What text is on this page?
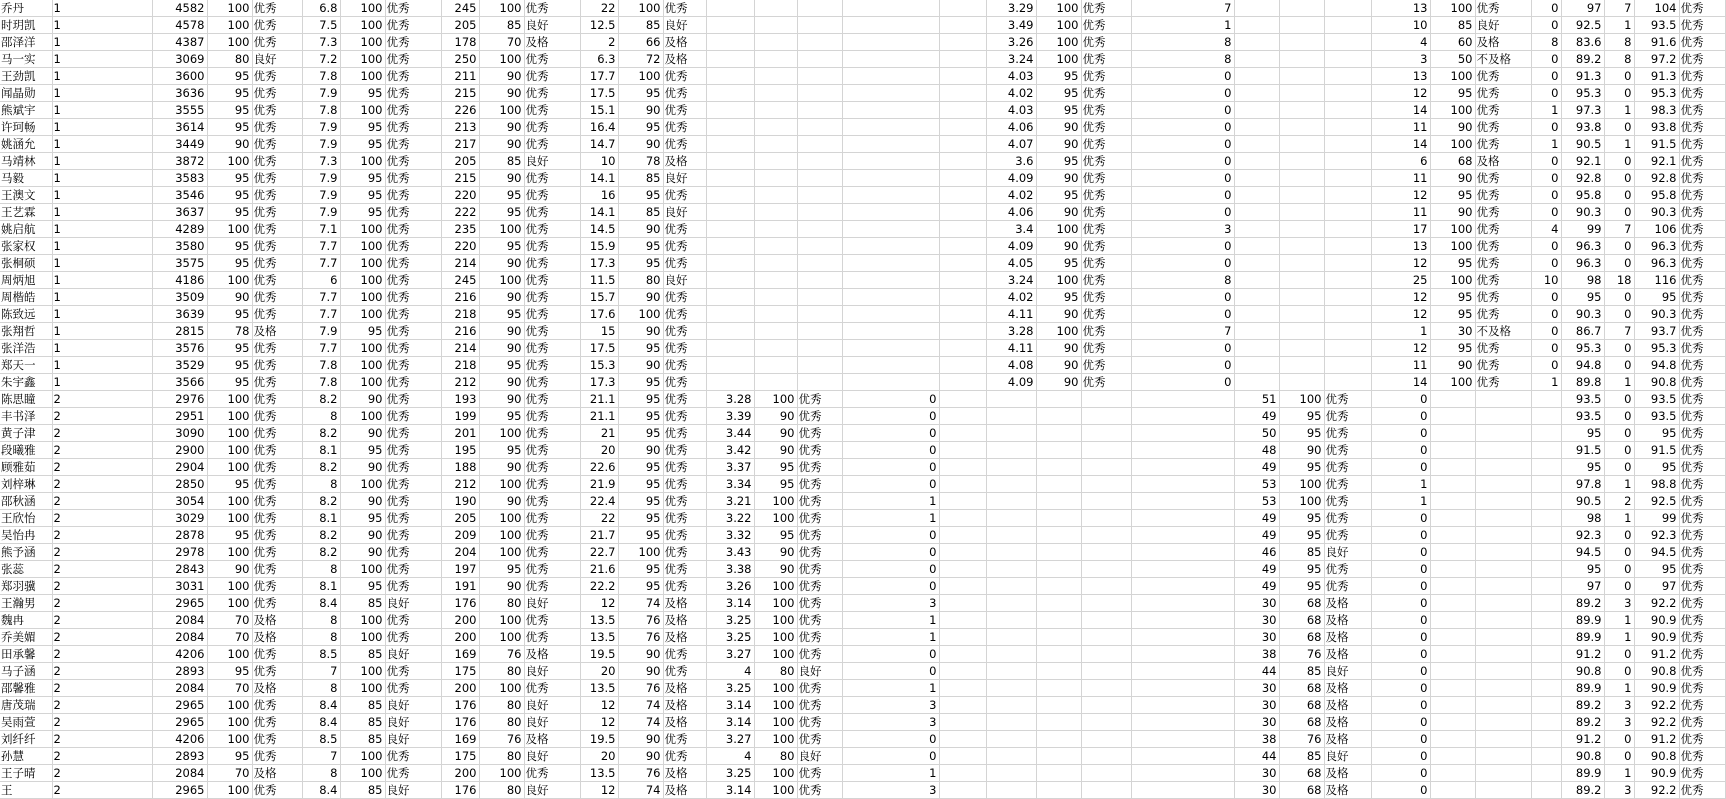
乔丹	1	4582	100	优秀	6.8	100	优秀	245	100	优秀	22	100	优秀						3.29	100	优秀	7				13	100	优秀	0	97	7	104	优秀
时玥凯	1	4578	100	优秀	7.5	100	优秀	205	85	良好	12.5	85	良好						3.49	100	优秀	1				10	85	良好	0	92.5	1	93.5	优秀
邵泽洋	1	4387	100	优秀	7.3	100	优秀	178	70	及格	2	66	及格						3.26	100	优秀	8				4	60	及格	8	83.6	8	91.6	优秀
马一实	1	3069	80	良好	7.2	100	优秀	250	100	优秀	6.3	72	及格						3.24	100	优秀	8				3	50	不及格	0	89.2	8	97.2	优秀
王劲凯	1	3600	95	优秀	7.8	100	优秀	211	90	优秀	17.7	100	优秀						4.03	95	优秀	0				13	100	优秀	0	91.3	0	91.3	优秀
闻晶勋	1	3636	95	优秀	7.9	95	优秀	215	90	优秀	17.5	95	优秀						4.02	95	优秀	0				12	95	优秀	0	95.3	0	95.3	优秀
熊斌宇	1	3555	95	优秀	7.8	100	优秀	226	100	优秀	15.1	90	优秀						4.03	95	优秀	0				14	100	优秀	1	97.3	1	98.3	优秀
许珂畅	1	3614	95	优秀	7.9	95	优秀	213	90	优秀	16.4	95	优秀						4.06	90	优秀	0				11	90	优秀	0	93.8	0	93.8	优秀
姚涵允	1	3449	90	优秀	7.9	95	优秀	217	90	优秀	14.7	90	优秀						4.07	90	优秀	0				14	100	优秀	1	90.5	1	91.5	优秀
马靖林	1	3872	100	优秀	7.3	100	优秀	205	85	良好	10	78	及格						3.6	95	优秀	0				6	68	及格	0	92.1	0	92.1	优秀
马毅	1	3583	95	优秀	7.9	95	优秀	215	90	优秀	14.1	85	良好						4.09	90	优秀	0				11	90	优秀	0	92.8	0	92.8	优秀
王澳文	1	3546	95	优秀	7.9	95	优秀	220	95	优秀	16	95	优秀						4.02	95	优秀	0				12	95	优秀	0	95.8	0	95.8	优秀
王艺霖	1	3637	95	优秀	7.9	95	优秀	222	95	优秀	14.1	85	良好						4.06	90	优秀	0				11	90	优秀	0	90.3	0	90.3	优秀
姚启航	1	4289	100	优秀	7.1	100	优秀	235	100	优秀	14.5	90	优秀						3.4	100	优秀	3				17	100	优秀	4	99	7	106	优秀
张家权	1	3580	95	优秀	7.7	100	优秀	220	95	优秀	15.9	95	优秀						4.09	90	优秀	0				13	100	优秀	0	96.3	0	96.3	优秀
张桐硕	1	3575	95	优秀	7.7	100	优秀	214	90	优秀	17.3	95	优秀						4.05	95	优秀	0				12	95	优秀	0	96.3	0	96.3	优秀
周炳旭	1	4186	100	优秀	6	100	优秀	245	100	优秀	11.5	80	良好						3.24	100	优秀	8				25	100	优秀	10	98	18	116	优秀
周楷皓	1	3509	90	优秀	7.7	100	优秀	216	90	优秀	15.7	90	优秀						4.02	95	优秀	0				12	95	优秀	0	95	0	95	优秀
陈致远	1	3639	95	优秀	7.7	100	优秀	218	95	优秀	17.6	100	优秀						4.11	90	优秀	0				12	95	优秀	0	90.3	0	90.3	优秀
张翔哲	1	2815	78	及格	7.9	95	优秀	216	90	优秀	15	90	优秀						3.28	100	优秀	7				1	30	不及格	0	86.7	7	93.7	优秀
张洋浩	1	3576	95	优秀	7.7	100	优秀	214	90	优秀	17.5	95	优秀						4.11	90	优秀	0				12	95	优秀	0	95.3	0	95.3	优秀
郑天一	1	3529	95	优秀	7.8	100	优秀	218	95	优秀	15.3	90	优秀						4.08	90	优秀	0				11	90	优秀	0	94.8	0	94.8	优秀
朱宇鑫	1	3566	95	优秀	7.8	100	优秀	212	90	优秀	17.3	95	优秀						4.09	90	优秀	0				14	100	优秀	1	89.8	1	90.8	优秀
陈思瞳	2	2976	100	优秀	8.2	90	优秀	193	90	优秀	21.1	95	优秀	3.28	100	优秀	0						51	100	优秀	0				93.5	0	93.5	优秀
丰书泽	2	2951	100	优秀	8	100	优秀	199	95	优秀	21.1	95	优秀	3.39	90	优秀	0						49	95	优秀	0				93.5	0	93.5	优秀
黄子津	2	3090	100	优秀	8.2	90	优秀	201	100	优秀	21	95	优秀	3.44	90	优秀	0						50	95	优秀	0				95	0	95	优秀
段曦雅	2	2900	100	优秀	8.1	95	优秀	195	95	优秀	20	90	优秀	3.42	90	优秀	0						48	90	优秀	0				91.5	0	91.5	优秀
顾雅茹	2	2904	100	优秀	8.2	90	优秀	188	90	优秀	22.6	95	优秀	3.37	95	优秀	0						49	95	优秀	0				95	0	95	优秀
刘梓琳	2	2850	95	优秀	8	100	优秀	212	100	优秀	21.9	95	优秀	3.34	95	优秀	0						53	100	优秀	1				97.8	1	98.8	优秀
邵秋涵	2	3054	100	优秀	8.2	90	优秀	190	90	优秀	22.4	95	优秀	3.21	100	优秀	1						53	100	优秀	1				90.5	2	92.5	优秀
王欣怡	2	3029	100	优秀	8.1	95	优秀	205	100	优秀	22	95	优秀	3.22	100	优秀	1						49	95	优秀	0				98	1	99	优秀
吴怡冉	2	2878	95	优秀	8.2	90	优秀	209	100	优秀	21.7	95	优秀	3.32	95	优秀	0						49	95	优秀	0				92.3	0	92.3	优秀
熊予涵	2	2978	100	优秀	8.2	90	优秀	204	100	优秀	22.7	100	优秀	3.43	90	优秀	0						46	85	良好	0				94.5	0	94.5	优秀
张蕊	2	2843	90	优秀	8	100	优秀	197	95	优秀	21.6	95	优秀	3.38	90	优秀	0						49	95	优秀	0				95	0	95	优秀
郑羽骥	2	3031	100	优秀	8.1	95	优秀	191	90	优秀	22.2	95	优秀	3.26	100	优秀	0						49	95	优秀	0				97	0	97	优秀
王瀚男	2	2965	100	优秀	8.4	85	良好	176	80	良好	12	74	及格	3.14	100	优秀	3						30	68	及格	0				89.2	3	92.2	优秀
魏冉	2	2084	70	及格	8	100	优秀	200	100	优秀	13.5	76	及格	3.25	100	优秀	1						30	68	及格	0				89.9	1	90.9	优秀
乔美媚	2	2084	70	及格	8	100	优秀	200	100	优秀	13.5	76	及格	3.25	100	优秀	1						30	68	及格	0				89.9	1	90.9	优秀
田承馨	2	4206	100	优秀	8.5	85	良好	169	76	及格	19.5	90	优秀	3.27	100	优秀	0						38	76	及格	0				91.2	0	91.2	优秀
马子涵	2	2893	95	优秀	7	100	优秀	175	80	良好	20	90	优秀	4	80	良好	0						44	85	良好	0				90.8	0	90.8	优秀
邵馨雅	2	2084	70	及格	8	100	优秀	200	100	优秀	13.5	76	及格	3.25	100	优秀	1						30	68	及格	0				89.9	1	90.9	优秀
唐茂瑞	2	2965	100	优秀	8.4	85	良好	176	80	良好	12	74	及格	3.14	100	优秀	3						30	68	及格	0				89.2	3	92.2	优秀
吴雨萱	2	2965	100	优秀	8.4	85	良好	176	80	良好	12	74	及格	3.14	100	优秀	3						30	68	及格	0				89.2	3	92.2	优秀
刘纤纤	2	4206	100	优秀	8.5	85	良好	169	76	及格	19.5	90	优秀	3.27	100	优秀	0						38	76	及格	0				91.2	0	91.2	优秀
孙慧	2	2893	95	优秀	7	100	优秀	175	80	良好	20	90	优秀	4	80	良好	0						44	85	良好	0				90.8	0	90.8	优秀
王子晴	2	2084	70	及格	8	100	优秀	200	100	优秀	13.5	76	及格	3.25	100	优秀	1						30	68	及格	0				89.9	1	90.9	优秀
王	2	2965	100	优秀	8.4	85	良好	176	80	良好	12	74	及格	3.14	100	优秀	3						30	68	及格	0				89.2	3	92.2	优秀
